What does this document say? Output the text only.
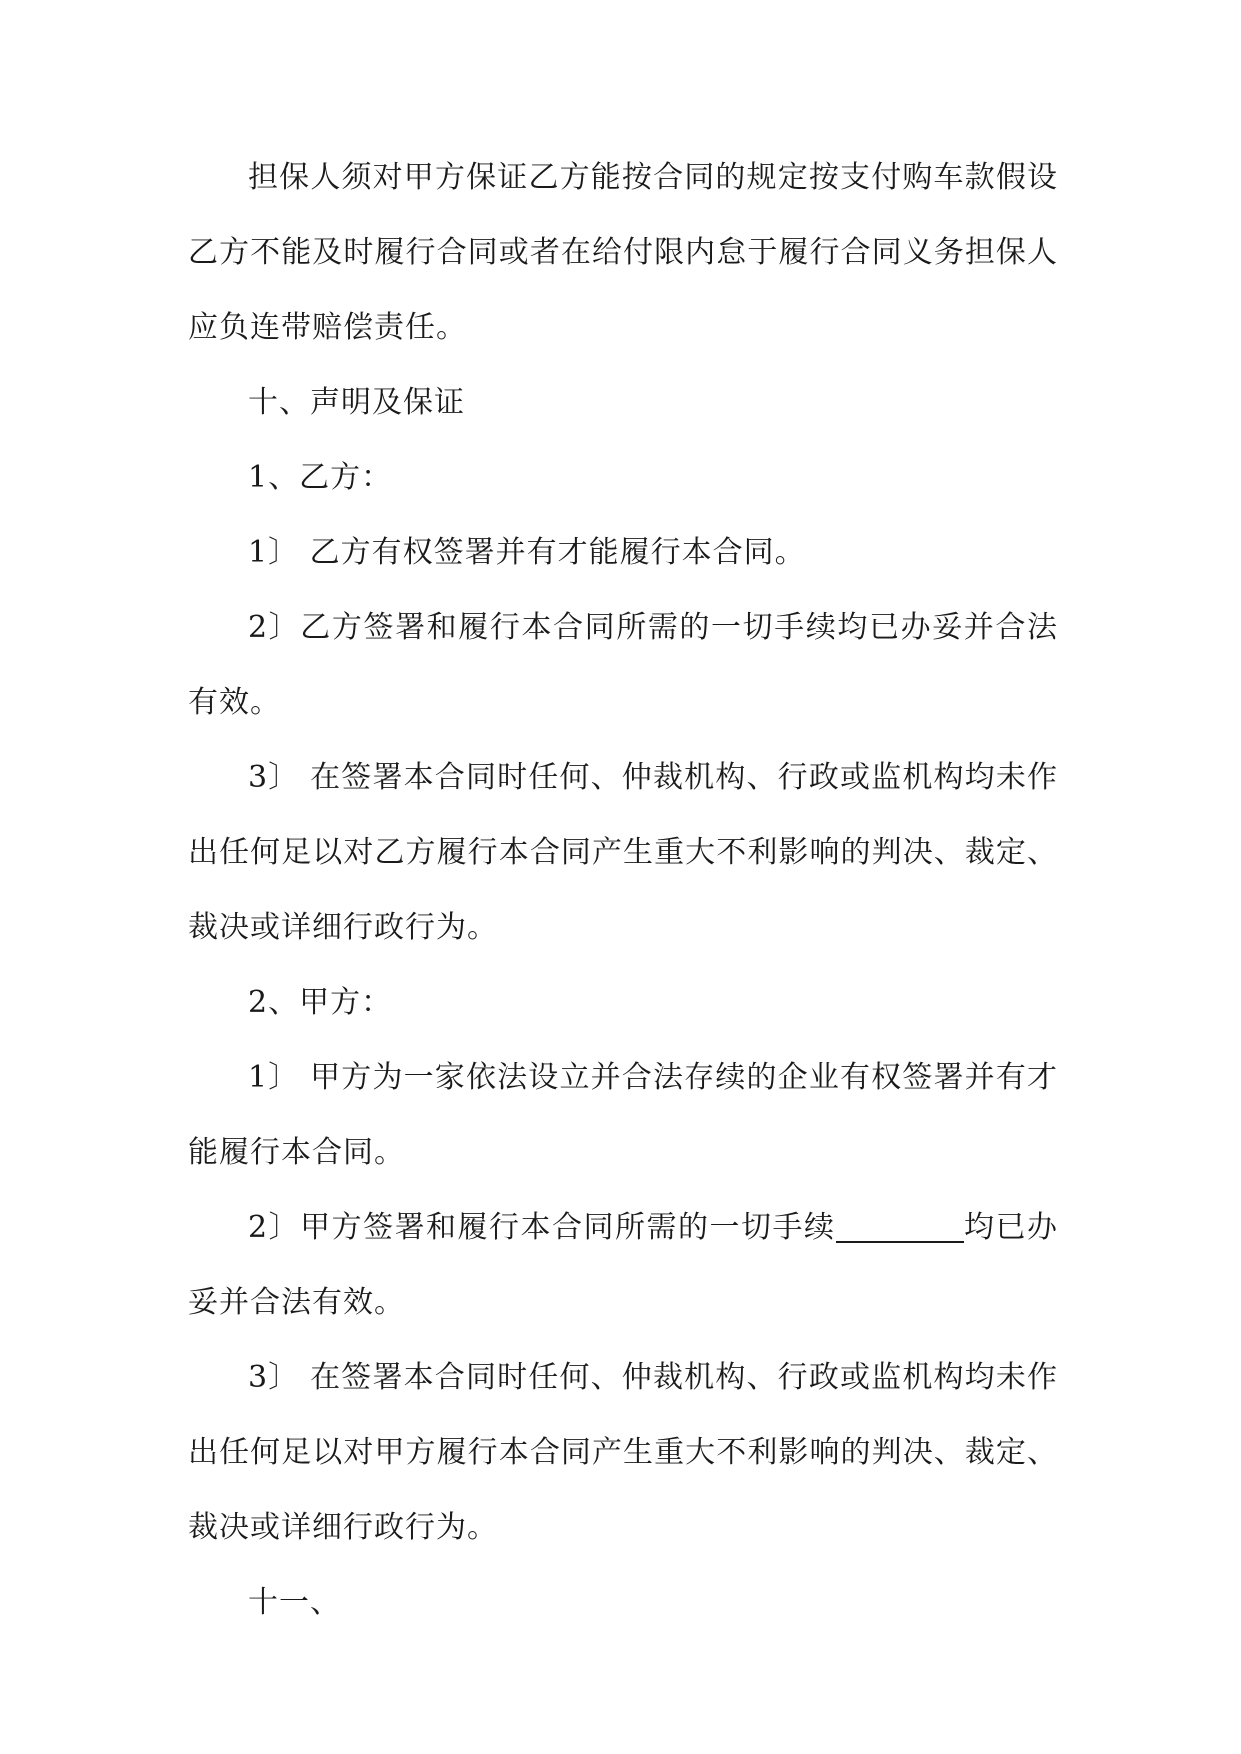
担保人须对甲方保证乙方能按合同的规定按支付购车款假设乙方不能及时履行合同或者在给付限内怠于履行合同义务担保人应负连带赔偿责任。

十、声明及保证

1、乙方：

1〕 乙方有权签署并有才能履行本合同。

2〕乙方签署和履行本合同所需的一切手续均已办妥并合法有效。

3〕 在签署本合同时任何、仲裁机构、行政或监机构均未作出任何足以对乙方履行本合同产生重大不利影响的判决、裁定、裁决或详细行政行为。

2、甲方：

1〕 甲方为一家依法设立并合法存续的企业有权签署并有才能履行本合同。

2〕甲方签署和履行本合同所需的一切手续	均已办妥并合法有效。

3〕 在签署本合同时任何、仲裁机构、行政或监机构均未作出任何足以对甲方履行本合同产生重大不利影响的判决、裁定、裁决或详细行政行为。

十一、
